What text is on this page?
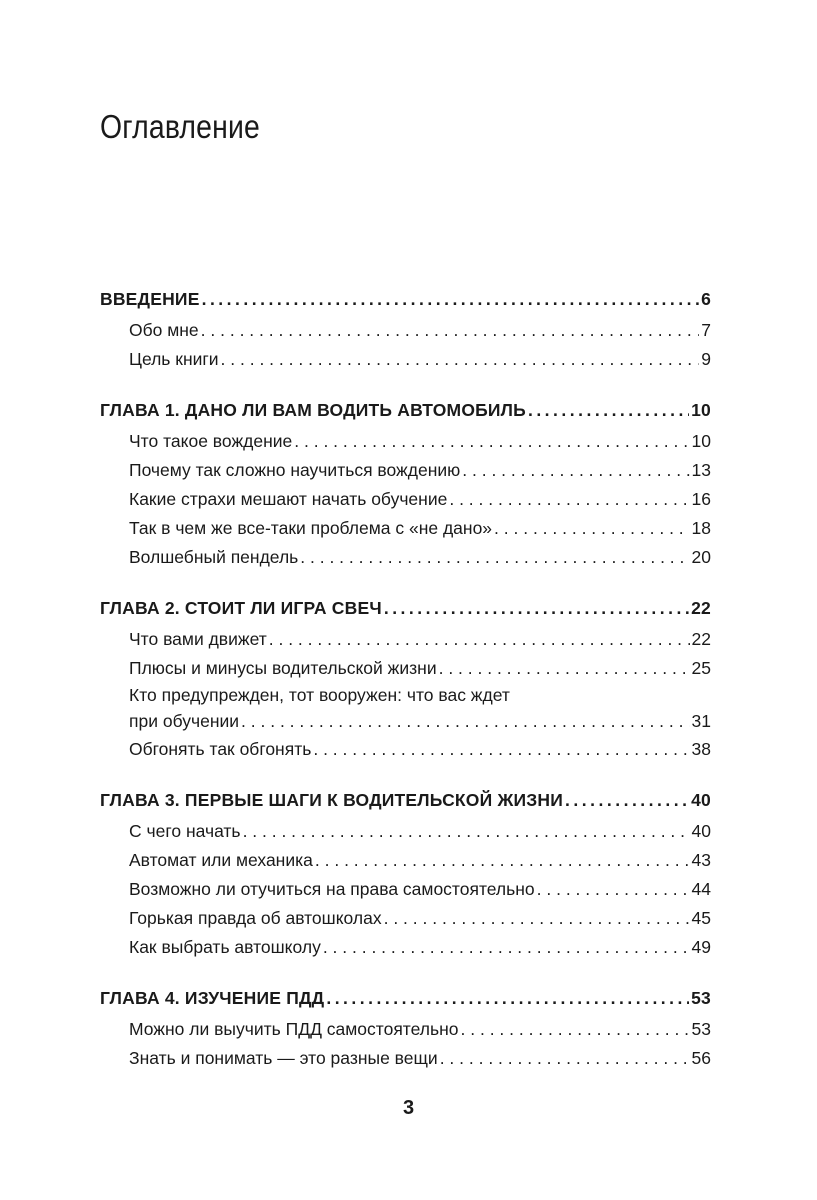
Оглавление
ВВЕДЕНИЕ .....	6
Обо мне . . .	7
Цель книги . . .	9
ГЛАВА 1. ДАНО ЛИ ВАМ ВОДИТЬ АВТОМОБИЛЬ .....	10
Что такое вождение . . .	10
Почему так сложно научиться вождению . . .	13
Какие страхи мешают начать обучение . . .	16
Так в чем же все-таки проблема с «не дано» . . .	18
Волшебный пендель . . .	20
ГЛАВА 2. СТОИТ ЛИ ИГРА СВЕЧ .....	22
Что вами движет . . .	22
Плюсы и минусы водительской жизни . . .	25
Кто предупрежден, тот вооружен: что вас ждет
при обучении . . .	31
Обгонять так обгонять . . .	38
ГЛАВА 3. ПЕРВЫЕ ШАГИ К ВОДИТЕЛЬСКОЙ ЖИЗНИ .....	40
С чего начать . . .	40
Автомат или механика . . .	43
Возможно ли отучиться на права самостоятельно . . .	44
Горькая правда об автошколах . . .	45
Как выбрать автошколу . . .	49
ГЛАВА 4. ИЗУЧЕНИЕ ПДД .....	53
Можно ли выучить ПДД самостоятельно . . .	53
Знать и понимать — это разные вещи . . .	56
3
